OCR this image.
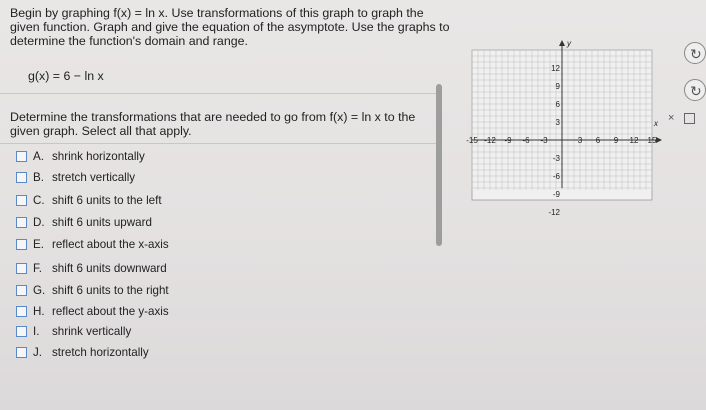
Begin by graphing f(x) = ln x. Use transformations of this graph to graph the given function. Graph and give the equation of the asymptote. Use the graphs to determine the function's domain and range.
g(x) = 6 − ln x
Determine the transformations that are needed to go from f(x) = ln x to the given graph. Select all that apply.
A. shrink horizontally
B. stretch vertically
C. shift 6 units to the left
D. shift 6 units upward
E. reflect about the x-axis
F. shift 6 units downward
G. shift 6 units to the right
H. reflect about the y-axis
I.	shrink vertically
J. stretch horizontally
x
y
-15 -12 -9 -6 -3	3 6 9 12 15
12
9
6
3
-3
-6
-9
-12
↻
↻
×
